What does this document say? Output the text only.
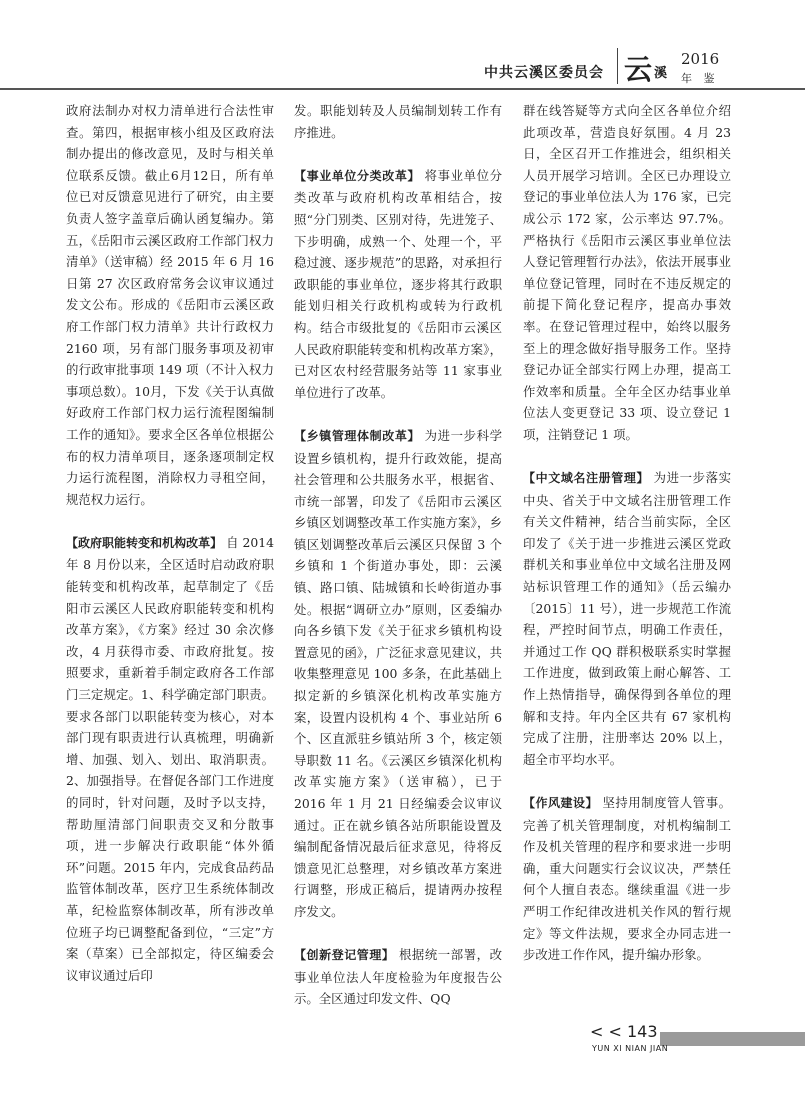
中共云溪区委员会 云 溪
2016
年 鉴

政府法制办对权力清单进行合法性审查。第四，根据审核小组及区政府法制办提出的修改意见，及时与相关单位联系反馈。截止6月12日，所有单位已对反馈意见进行了研究，由主要负责人签字盖章后确认函复编办。第五，《岳阳市云溪区政府工作部门权力清单》（送审稿）经 2015 年 6 月 16 日第 27 次区政府常务会议审议通过发文公布。形成的《岳阳市云溪区政府工作部门权力清单》共计行政权力 2160 项，另有部门服务事项及初审的行政审批事项 149 项（不计入权力事项总数）。10月，下发《关于认真做好政府工作部门权力运行流程图编制工作的通知》。要求全区各单位根据公布的权力清单项目，逐条逐项制定权力运行流程图，消除权力寻租空间，规范权力运行。

【政府职能转变和机构改革】 自 2014 年 8 月份以来，全区适时启动政府职能转变和机构改革，起草制定了《岳阳市云溪区人民政府职能转变和机构改革方案》，《方案》经过 30 余次修改，4 月获得市委、市政府批复。按照要求，重新着手制定政府各工作部门三定规定。1、科学确定部门职责。要求各部门以职能转变为核心，对本部门现有职责进行认真梳理，明确新增、加强、划入、划出、取消职责。2、加强指导。在督促各部门工作进度的同时，针对问题，及时予以支持，帮助厘清部门间职责交叉和分散事项，进一步解决行政职能“体外循环”问题。2015 年内，完成食品药品监管体制改革，医疗卫生系统体制改革，纪检监察体制改革，所有涉改单位班子均已调整配备到位，“三定”方案（草案）已全部拟定，待区编委会议审议通过后印

发。职能划转及人员编制划转工作有序推进。

【事业单位分类改革】 将事业单位分类改革与政府机构改革相结合，按照“分门别类、区别对待，先进笼子、下步明确，成熟一个、处理一个，平稳过渡、逐步规范”的思路，对承担行政职能的事业单位，逐步将其行政职能划归相关行政机构或转为行政机构。结合市级批复的《岳阳市云溪区人民政府职能转变和机构改革方案》，已对区农村经营服务站等 11 家事业单位进行了改革。

【乡镇管理体制改革】 为进一步科学设置乡镇机构，提升行政效能，提高社会管理和公共服务水平，根据省、市统一部署，印发了《岳阳市云溪区乡镇区划调整改革工作实施方案》，乡镇区划调整改革后云溪区只保留 3 个乡镇和 1 个街道办事处，即：云溪镇、路口镇、陆城镇和长岭街道办事处。根据“调研立办”原则，区委编办向各乡镇下发《关于征求乡镇机构设置意见的函》，广泛征求意见建议，共收集整理意见 100 多条，在此基础上拟定新的乡镇深化机构改革实施方案，设置内设机构 4 个、事业站所 6 个、区直派驻乡镇站所 3 个，核定领导职数 11 名。《云溪区乡镇深化机构改革实施方案》（送审稿），已于 2016 年 1 月 21 日经编委会议审议通过。正在就乡镇各站所职能设置及编制配备情况最后征求意见，待将反馈意见汇总整理，对乡镇改革方案进行调整，形成正稿后，提请两办按程序发文。

【创新登记管理】 根据统一部署，改事业单位法人年度检验为年度报告公示。全区通过印发文件、QQ

群在线答疑等方式向全区各单位介绍此项改革，营造良好氛围。4 月 23 日，全区召开工作推进会，组织相关人员开展学习培训。全区已办理设立登记的事业单位法人为 176 家，已完成公示 172 家，公示率达 97.7%。严格执行《岳阳市云溪区事业单位法人登记管理暂行办法》，依法开展事业单位登记管理，同时在不违反规定的前提下简化登记程序，提高办事效率。在登记管理过程中，始终以服务至上的理念做好指导服务工作。坚持登记办证全部实行网上办理，提高工作效率和质量。全年全区办结事业单位法人变更登记 33 项、设立登记 1 项，注销登记 1 项。

【中文域名注册管理】 为进一步落实中央、省关于中文域名注册管理工作有关文件精神，结合当前实际，全区印发了《关于进一步推进云溪区党政群机关和事业单位中文域名注册及网站标识管理工作的通知》（岳云编办〔2015〕11 号），进一步规范工作流程，严控时间节点，明确工作责任，并通过工作 QQ 群积极联系实时掌握工作进度，做到政策上耐心解答、工作上热情指导，确保得到各单位的理解和支持。年内全区共有 67 家机构完成了注册，注册率达 20% 以上，超全市平均水平。

【作风建设】 坚持用制度管人管事。完善了机关管理制度，对机构编制工作及机关管理的程序和要求进一步明确，重大问题实行会议议决，严禁任何个人擅自表态。继续重温《进一步严明工作纪律改进机关作风的暂行规定》等文件法规，要求全办同志进一步改进工作作风，提升编办形象。

< < 143
YUN XI NIAN JIAN
